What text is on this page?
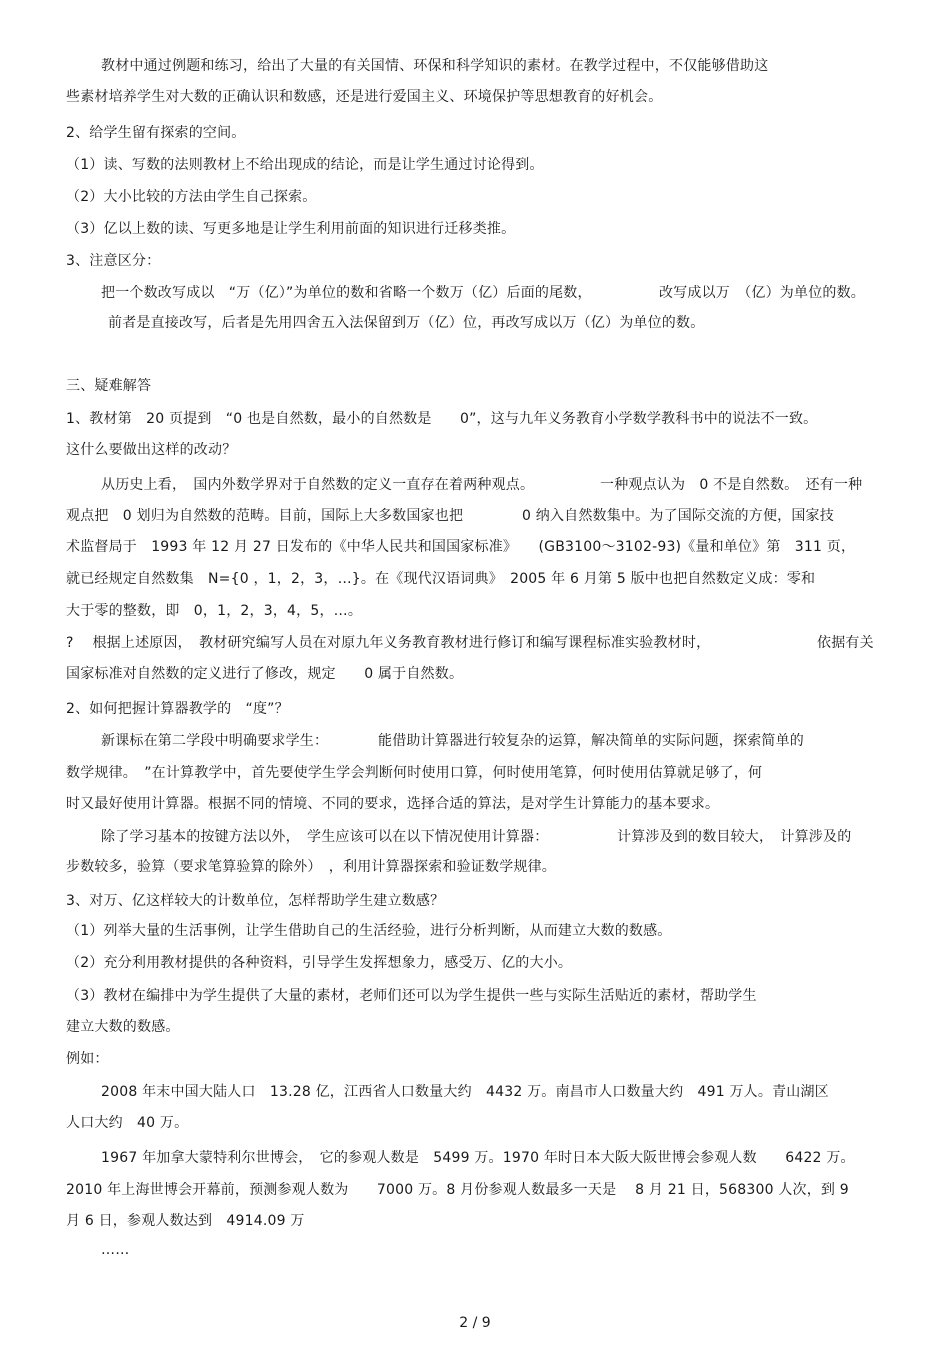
教材中通过例题和练习，给出了大量的有关国情、环保和科学知识的素材。在教学过程中，不仅能够借助这
些素材培养学生对大数的正确认识和数感，还是进行爱国主义、环境保护等思想教育的好机会。
2、给学生留有探索的空间。
（1）读、写数的法则教材上不给出现成的结论，而是让学生通过讨论得到。
（2）大小比较的方法由学生自己探索。
（3）亿以上数的读、写更多地是让学生利用前面的知识进行迁移类推。
3、注意区分：
把一个数改写成以　“万（亿）”为单位的数和省略一个数万（亿）后面的尾数，	改写成以万　（亿）为单位的数。
前者是直接改写，后者是先用四舍五入法保留到万（亿）位，再改写成以万（亿）为单位的数。
三、疑难解答
1、教材第　20 页提到　“0 也是自然数，最小的自然数是　　0”，这与九年义务教育小学数学教科书中的说法不一致。
这什么要做出这样的改动？
从历史上看，　国内外数学界对于自然数的定义一直存在着两种观点。	一种观点认为　0 不是自然数。　还有一种
观点把　0 划归为自然数的范畴。目前，国际上大多数国家也把	0 纳入自然数集中。为了国际交流的方便，国家技
术监督局于　1993 年 12 月 27 日发布的《中华人民共和国国家标准》　　(GB3100～3102-93)《量和单位》第　311 页，
就已经规定自然数集　N={0 ，1，2，3，…}。在《现代汉语词典》　2005 年 6 月第 5 版中也把自然数定义成：零和
大于零的整数，即　0，1，2，3，4，5，…。
?　 根据上述原因，　教材研究编写人员在对原九年义务教育教材进行修订和编写课程标准实验教材时，	依据有关
国家标准对自然数的定义进行了修改，规定　　0 属于自然数。
2、如何把握计算器教学的　“度”？
新课标在第二学段中明确要求学生：	能借助计算器进行较复杂的运算，解决简单的实际问题，探索简单的
数学规律。　”在计算教学中，首先要使学生学会判断何时使用口算，何时使用笔算，何时使用估算就足够了，何
时又最好使用计算器。根据不同的情境、不同的要求，选择合适的算法，是对学生计算能力的基本要求。
除了学习基本的按键方法以外，　学生应该可以在以下情况使用计算器：	计算涉及到的数目较大，　计算涉及的
步数较多，验算（要求笔算验算的除外）　，利用计算器探索和验证数学规律。
3、对万、亿这样较大的计数单位，怎样帮助学生建立数感？
（1）列举大量的生活事例，让学生借助自己的生活经验，进行分析判断，从而建立大数的数感。
（2）充分利用教材提供的各种资料，引导学生发挥想象力，感受万、亿的大小。
（3）教材在编排中为学生提供了大量的素材，老师们还可以为学生提供一些与实际生活贴近的素材，帮助学生
建立大数的数感。
例如：
2008 年末中国大陆人口　13.28 亿，江西省人口数量大约　4432 万。南昌市人口数量大约　491 万人。青山湖区
人口大约　40 万。
1967 年加拿大蒙特利尔世博会，　它的参观人数是　5499 万。1970 年时日本大阪大阪世博会参观人数　　6422 万。
2010 年上海世博会开幕前，预测参观人数为　　7000 万。8 月份参观人数最多一天是　 8 月 21 日，568300 人次，到 9
月 6 日，参观人数达到　4914.09 万
……
2 / 9
